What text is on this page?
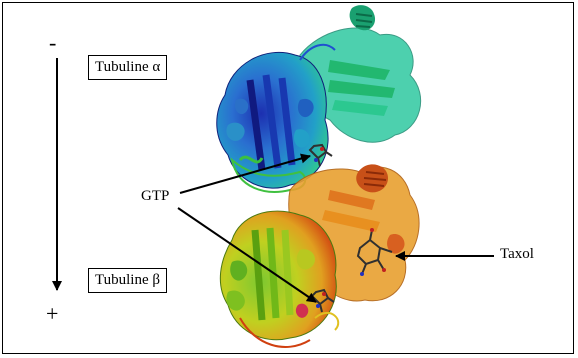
-
+
Tubuline α
Tubuline β
GTP
Taxol
